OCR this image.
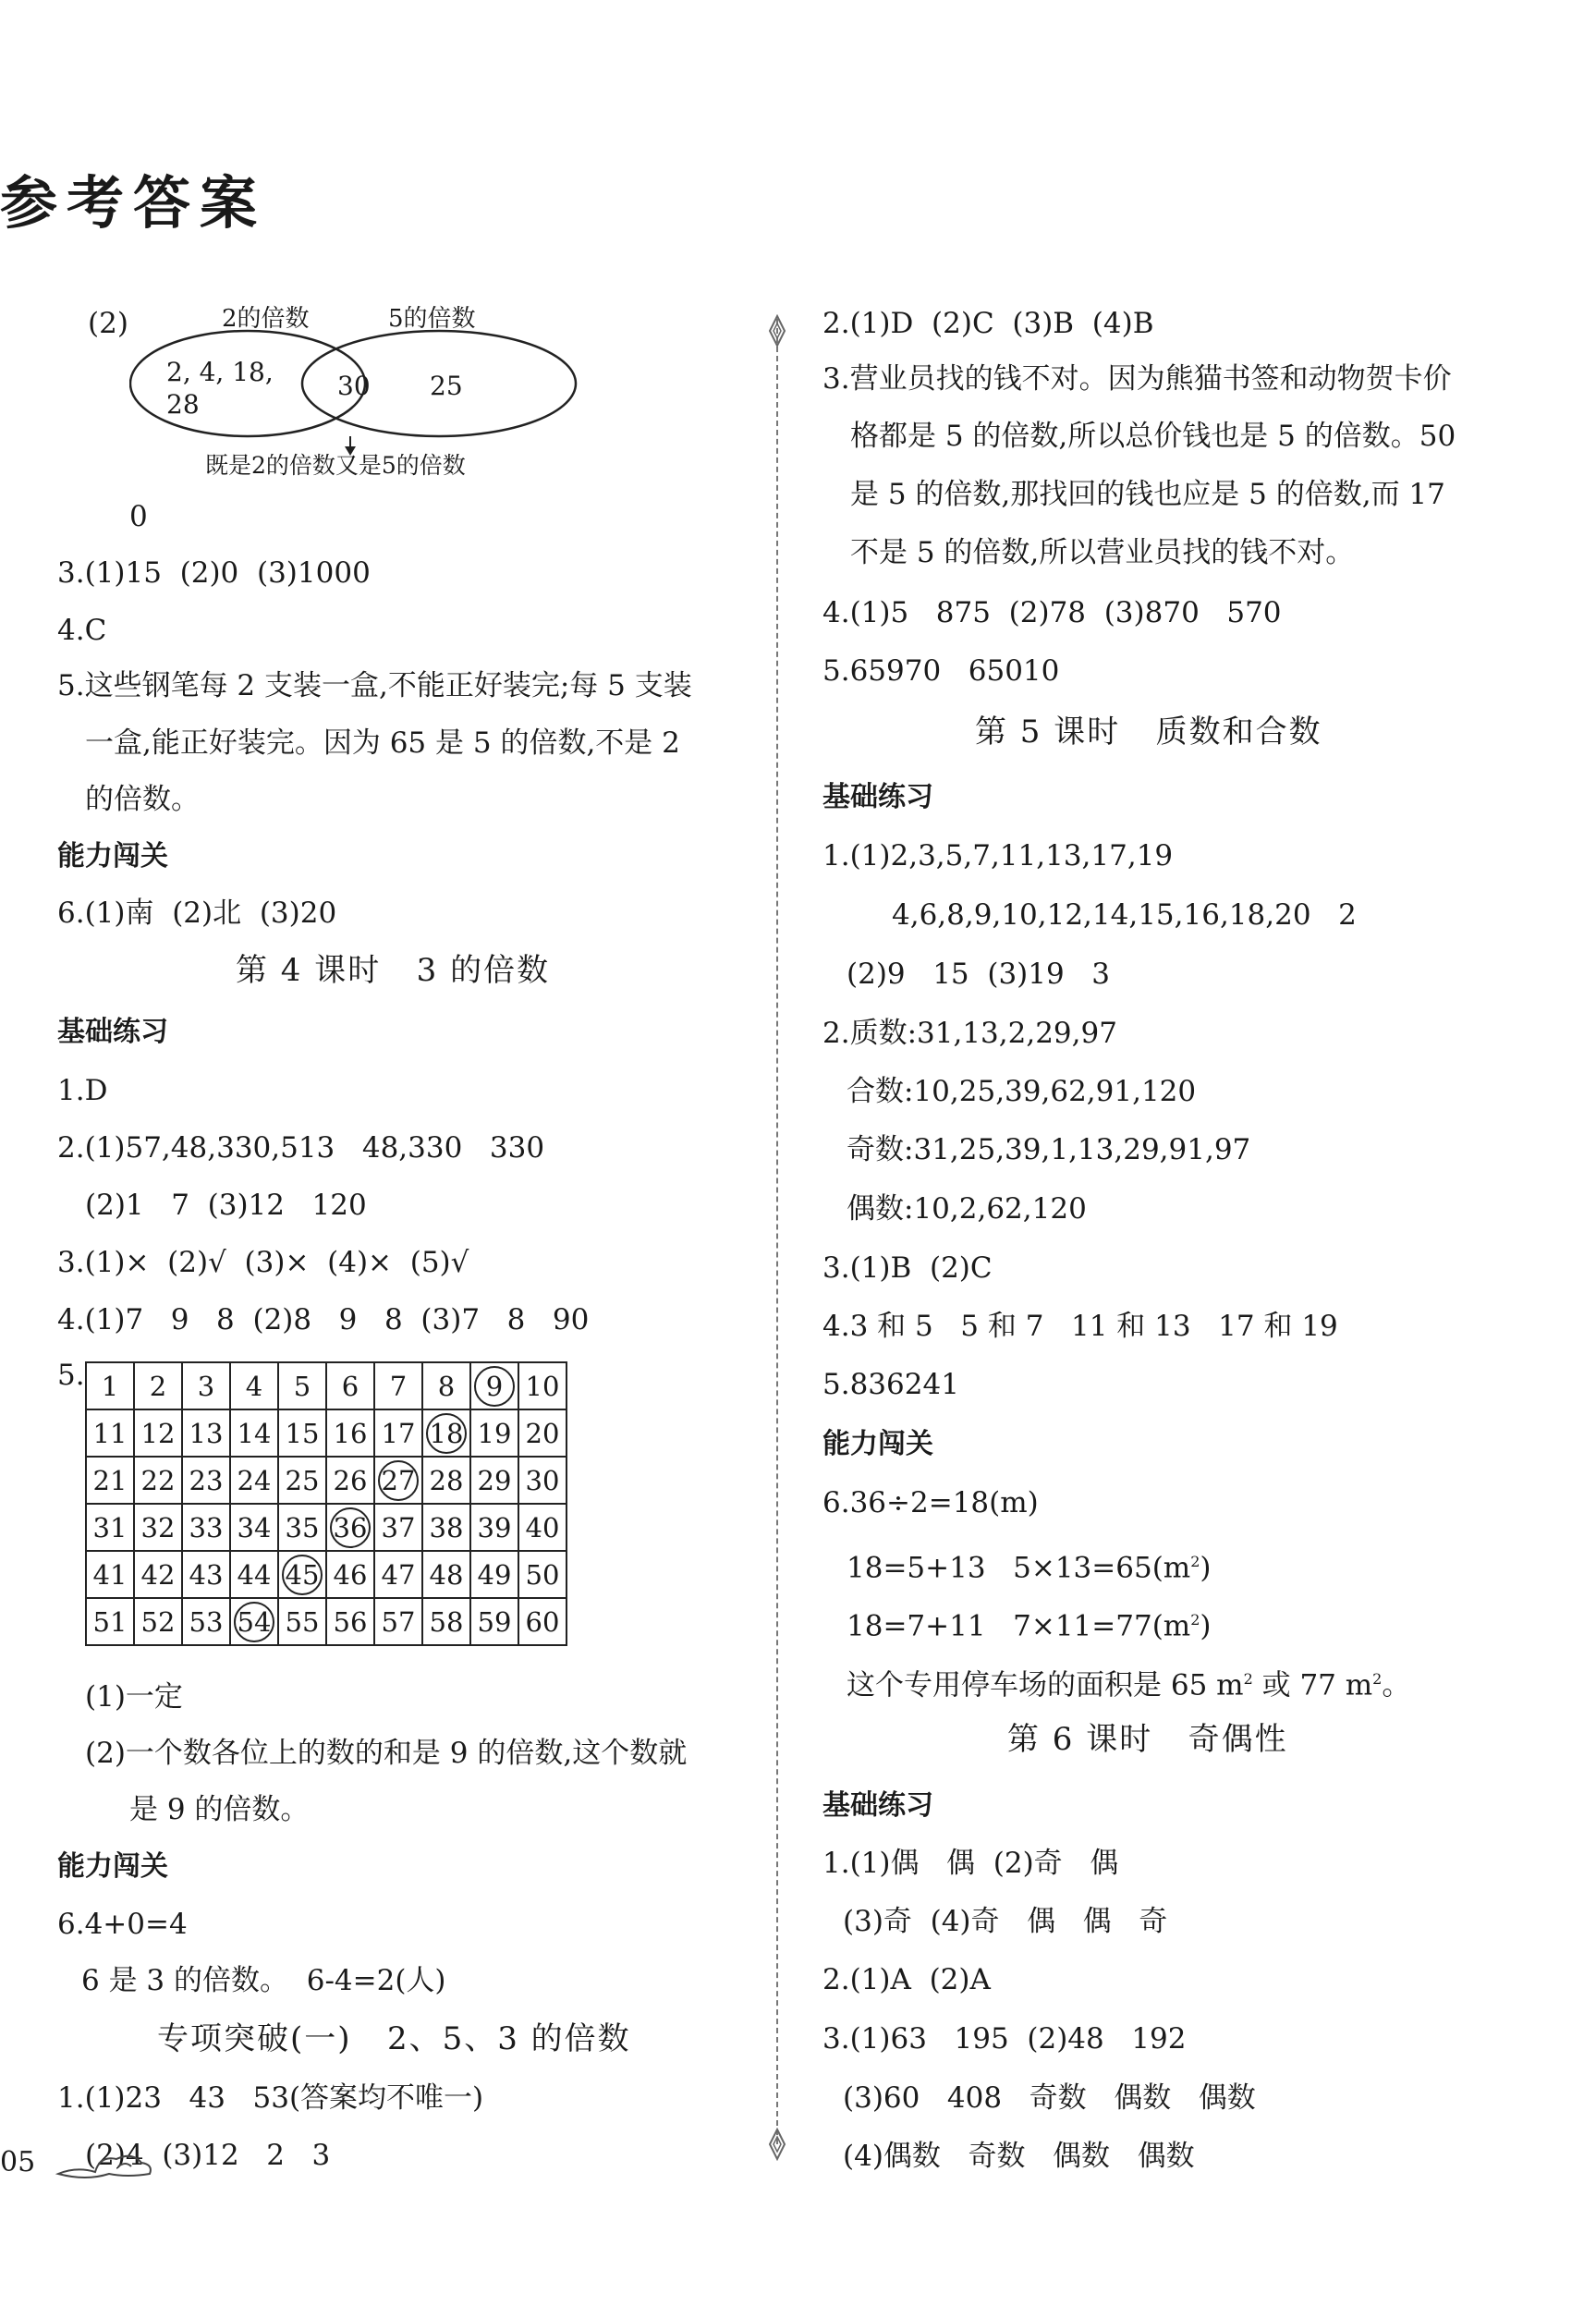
参考答案
(2)	2的倍数	5的倍数
2, 4, 18,
28
30 25
既是2的倍数又是5的倍数
0
3.(1)15  (2)0  (3)1000
4.C
5.这些钢笔每 2 支装一盒,不能正好装完;每 5 支装
一盒,能正好装完。因为 65 是 5 的倍数,不是 2
的倍数。
能力闯关
6.(1)南  (2)北  (3)20
第 4 课时   3 的倍数
基础练习
1.D
2.(1)57,48,330,513   48,330   330
(2)1   7  (3)12   120
3.(1)×  (2)√  (3)×  (4)×  (5)√
4.(1)7   9   8  (2)8   9   8  (3)7   8   90
5. 1	2	3	4	5	6	7	8	9	10
11	12	13	14	15	16	17	18	19	20
21	22	23	24	25	26	27	28	29	30
31	32	33	34	35	36	37	38	39	40
41	42	43	44	45	46	47	48	49	50
51	52	53	54	55	56	57	58	59	60
(1)一定
(2)一个数各位上的数的和是 9 的倍数,这个数就
是 9 的倍数。
能力闯关
6.4+0=4
6 是 3 的倍数。  6-4=2(人)
专项突破(一)   2、5、3 的倍数
1.(1)23   43   53(答案均不唯一)
(2)4  (3)12   2   3
05
2.(1)D  (2)C  (3)B  (4)B
3.营业员找的钱不对。因为熊猫书签和动物贺卡价
格都是 5 的倍数,所以总价钱也是 5 的倍数。50
是 5 的倍数,那找回的钱也应是 5 的倍数,而 17
不是 5 的倍数,所以营业员找的钱不对。
4.(1)5   875  (2)78  (3)870   570
5.65970   65010
第 5 课时   质数和合数
基础练习
1.(1)2,3,5,7,11,13,17,19
4,6,8,9,10,12,14,15,16,18,20   2
(2)9   15  (3)19   3
2.质数:31,13,2,29,97
合数:10,25,39,62,91,120
奇数:31,25,39,1,13,29,91,97
偶数:10,2,62,120
3.(1)B  (2)C
4.3 和 5   5 和 7   11 和 13   17 和 19
5.836241
能力闯关
6.36÷2=18(m)
18=5+13   $5\times 13=65(m^2)$
18=7+11   $7\times 11=77(m^2)$
这个专用停车场的面积是 65 $m^2$ 或 77 $m^2$。
第 6 课时   奇偶性
基础练习
1.(1)偶   偶  (2)奇   偶
(3)奇  (4)奇   偶   偶   奇
2.(1)A  (2)A
3.(1)63   195  (2)48   192
(3)60   408   奇数   偶数   偶数
(4)偶数   奇数   偶数   偶数
